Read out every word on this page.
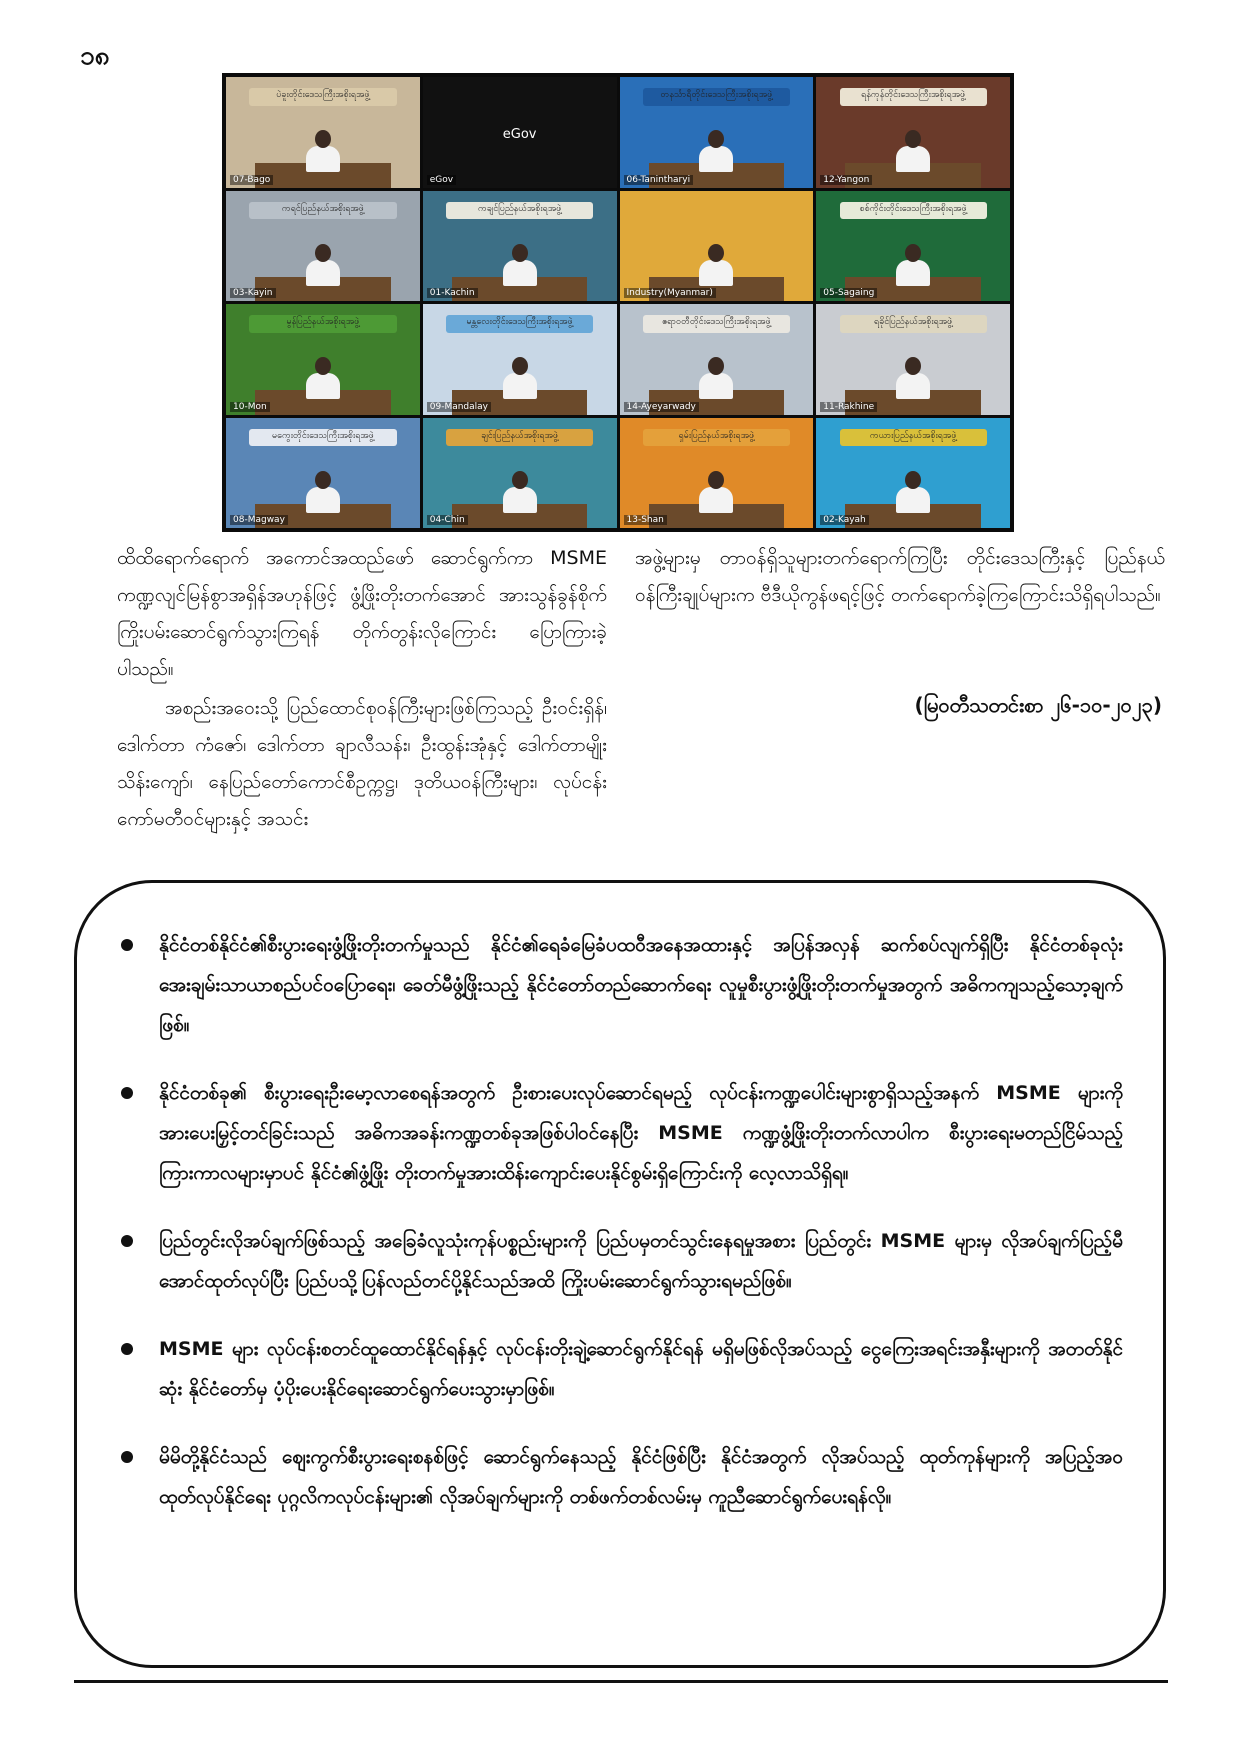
၁၈
ပဲခူးတိုင်းဒေသကြီးအစိုးရအဖွဲ့
07-Bago
eGov
eGov
တနင်္သာရီတိုင်းဒေသကြီးအစိုးရအဖွဲ့
06-Tanintharyi
ရန်ကုန်တိုင်းဒေသကြီးအစိုးရအဖွဲ့
12-Yangon
ကရင်ပြည်နယ်အစိုးရအဖွဲ့
03-Kayin
ကချင်ပြည်နယ်အစိုးရအဖွဲ့
01-Kachin	Industry(Myanmar)
စစ်ကိုင်းတိုင်းဒေသကြီးအစိုးရအဖွဲ့
05-Sagaing
မွန်ပြည်နယ်အစိုးရအဖွဲ့
10-Mon
မန္တလေးတိုင်းဒေသကြီးအစိုးရအဖွဲ့
09-Mandalay
ဧရာဝတီတိုင်းဒေသကြီးအစိုးရအဖွဲ့
14-Ayeyarwady
ရခိုင်ပြည်နယ်အစိုးရအဖွဲ့
11-Rakhine
မကွေးတိုင်းဒေသကြီးအစိုးရအဖွဲ့
08-Magway
ချင်းပြည်နယ်အစိုးရအဖွဲ့
04-Chin
ရှမ်းပြည်နယ်အစိုးရအဖွဲ့
13-Shan
ကယားပြည်နယ်အစိုးရအဖွဲ့
02-Kayah

ထိထိရောက်ရောက် အကောင်အထည်ဖော် ဆောင်ရွက်ကာ MSME ကဏ္ဍလျင်မြန်စွာအရှိန်အဟုန်ဖြင့် ဖွံ့ဖြိုးတိုးတက်အောင် အားသွန်ခွန်စိုက် ကြိုးပမ်းဆောင်ရွက်သွားကြရန် တိုက်တွန်းလိုကြောင်း ပြောကြားခဲ့ပါသည်။

အစည်းအဝေးသို့ ပြည်ထောင်စုဝန်ကြီးများဖြစ်ကြသည့် ဦးဝင်းရှိန်၊ ဒေါက်တာ ကံဇော်၊ ဒေါက်တာ ချာလီသန်း၊ ဦးထွန်းအုံနှင့် ဒေါက်တာမျိုးသိန်းကျော်၊ နေပြည်တော်ကောင်စီဥက္ကဋ္ဌ၊ ဒုတိယဝန်ကြီးများ၊ လုပ်ငန်းကော်မတီဝင်များနှင့် အသင်း

အဖွဲ့များမှ တာဝန်ရှိသူများတက်ရောက်ကြပြီး တိုင်းဒေသကြီးနှင့် ပြည်နယ်ဝန်ကြီးချုပ်များက ဗီဒီယိုကွန်ဖရင့်ဖြင့် တက်ရောက်ခဲ့ကြကြောင်းသိရှိရပါသည်။

(မြဝတီသတင်းစာ ၂၆-၁၀-၂၀၂၃)
နိုင်ငံတစ်နိုင်ငံ၏စီးပွားရေးဖွံ့ဖြိုးတိုးတက်မှုသည် နိုင်ငံ၏ရေခံမြေခံပထဝီအနေအထားနှင့် အပြန်အလှန် ဆက်စပ်လျက်ရှိပြီး နိုင်ငံတစ်ခုလုံး အေးချမ်းသာယာစည်ပင်ဝပြောရေး၊ ခေတ်မီဖွံ့ဖြိုးသည့် နိုင်ငံတော်တည်ဆောက်ရေး လူမှုစီးပွားဖွံ့ဖြိုးတိုးတက်မှုအတွက် အဓိကကျသည့်သော့ချက်ဖြစ်။
နိုင်ငံတစ်ခု၏ စီးပွားရေးဦးမော့လာစေရန်အတွက် ဦးစားပေးလုပ်ဆောင်ရမည့် လုပ်ငန်းကဏ္ဍပေါင်းများစွာရှိသည့်အနက် MSME များကို အားပေးမြှင့်တင်ခြင်းသည် အဓိကအခန်းကဏ္ဍတစ်ခုအဖြစ်ပါဝင်နေပြီး MSME ကဏ္ဍဖွံ့ဖြိုးတိုးတက်လာပါက စီးပွားရေးမတည်ငြိမ်သည့် ကြားကာလများမှာပင် နိုင်ငံ၏ဖွံ့ဖြိုး တိုးတက်မှုအားထိန်းကျောင်းပေးနိုင်စွမ်းရှိကြောင်းကို လေ့လာသိရှိရ။
ပြည်တွင်းလိုအပ်ချက်ဖြစ်သည့် အခြေခံလူသုံးကုန်ပစ္စည်းများကို ပြည်ပမှတင်သွင်းနေရမှုအစား ပြည်တွင်း MSME များမှ လိုအပ်ချက်ပြည့်မီအောင်ထုတ်လုပ်ပြီး ပြည်ပသို့ပြန်လည်တင်ပို့နိုင်သည်အထိ ကြိုးပမ်းဆောင်ရွက်သွားရမည်ဖြစ်။
MSME များ လုပ်ငန်းစတင်ထူထောင်နိုင်ရန်နှင့် လုပ်ငန်းတိုးချဲ့ဆောင်ရွက်နိုင်ရန် မရှိမဖြစ်လိုအပ်သည့် ငွေကြေးအရင်းအနှီးများကို အတတ်နိုင်ဆုံး နိုင်ငံတော်မှ ပံ့ပိုးပေးနိုင်ရေးဆောင်ရွက်ပေးသွားမှာဖြစ်။
မိမိတို့နိုင်ငံသည် ဈေးကွက်စီးပွားရေးစနစ်ဖြင့် ဆောင်ရွက်နေသည့် နိုင်ငံဖြစ်ပြီး နိုင်ငံအတွက် လိုအပ်သည့် ထုတ်ကုန်များကို အပြည့်အဝထုတ်လုပ်နိုင်ရေး ပုဂ္ဂလိကလုပ်ငန်းများ၏ လိုအပ်ချက်များကို တစ်ဖက်တစ်လမ်းမှ ကူညီဆောင်ရွက်ပေးရန်လို။
